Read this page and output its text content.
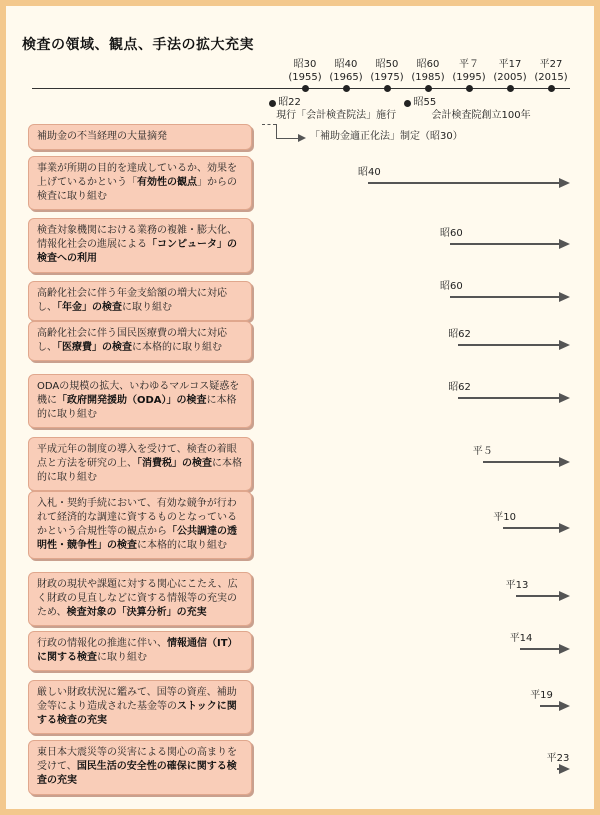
検査の領域、観点、手法の拡大充実
昭30
(1955)
昭40
(1965)
昭50
(1975)
昭60
(1985)
平７
(1995)
平17
(2005)
平27
(2015)
昭22
現行「会計検査院法」施行
昭55
会計検査院創立100年
「補助金適正化法」制定（昭30）
補助金の不当経理の大量摘発
事業が所期の目的を達成しているか、効果を上げているかという「有効性の観点」からの検査に取り組む
昭40
検査対象機関における業務の複雑・膨大化、情報化社会の進展による「コンピュータ」の検査への利用
昭60
高齢化社会に伴う年金支給額の増大に対応し、「年金」の検査に取り組む
昭60
高齢化社会に伴う国民医療費の増大に対応し、「医療費」の検査に本格的に取り組む
昭62
ODAの規模の拡大、いわゆるマルコス疑惑を機に「政府開発援助（ODA）」の検査に本格的に取り組む
昭62
平成元年の制度の導入を受けて、検査の着眼点と方法を研究の上、「消費税」の検査に本格的に取り組む
平５
入札・契約手続において、有効な競争が行われて経済的な調達に資するものとなっているかという合規性等の観点から「公共調達の透明性・競争性」の検査に本格的に取り組む
平10
財政の現状や課題に対する関心にこたえ、広く財政の見直しなどに資する情報等の充実のため、検査対象の「決算分析」の充実
平13
行政の情報化の推進に伴い、情報通信（IT）に関する検査に取り組む
平14
厳しい財政状況に鑑みて、国等の資産、補助金等により造成された基金等のストックに関する検査の充実
平19
東日本大震災等の災害による関心の高まりを受けて、国民生活の安全性の確保に関する検査の充実
平23
